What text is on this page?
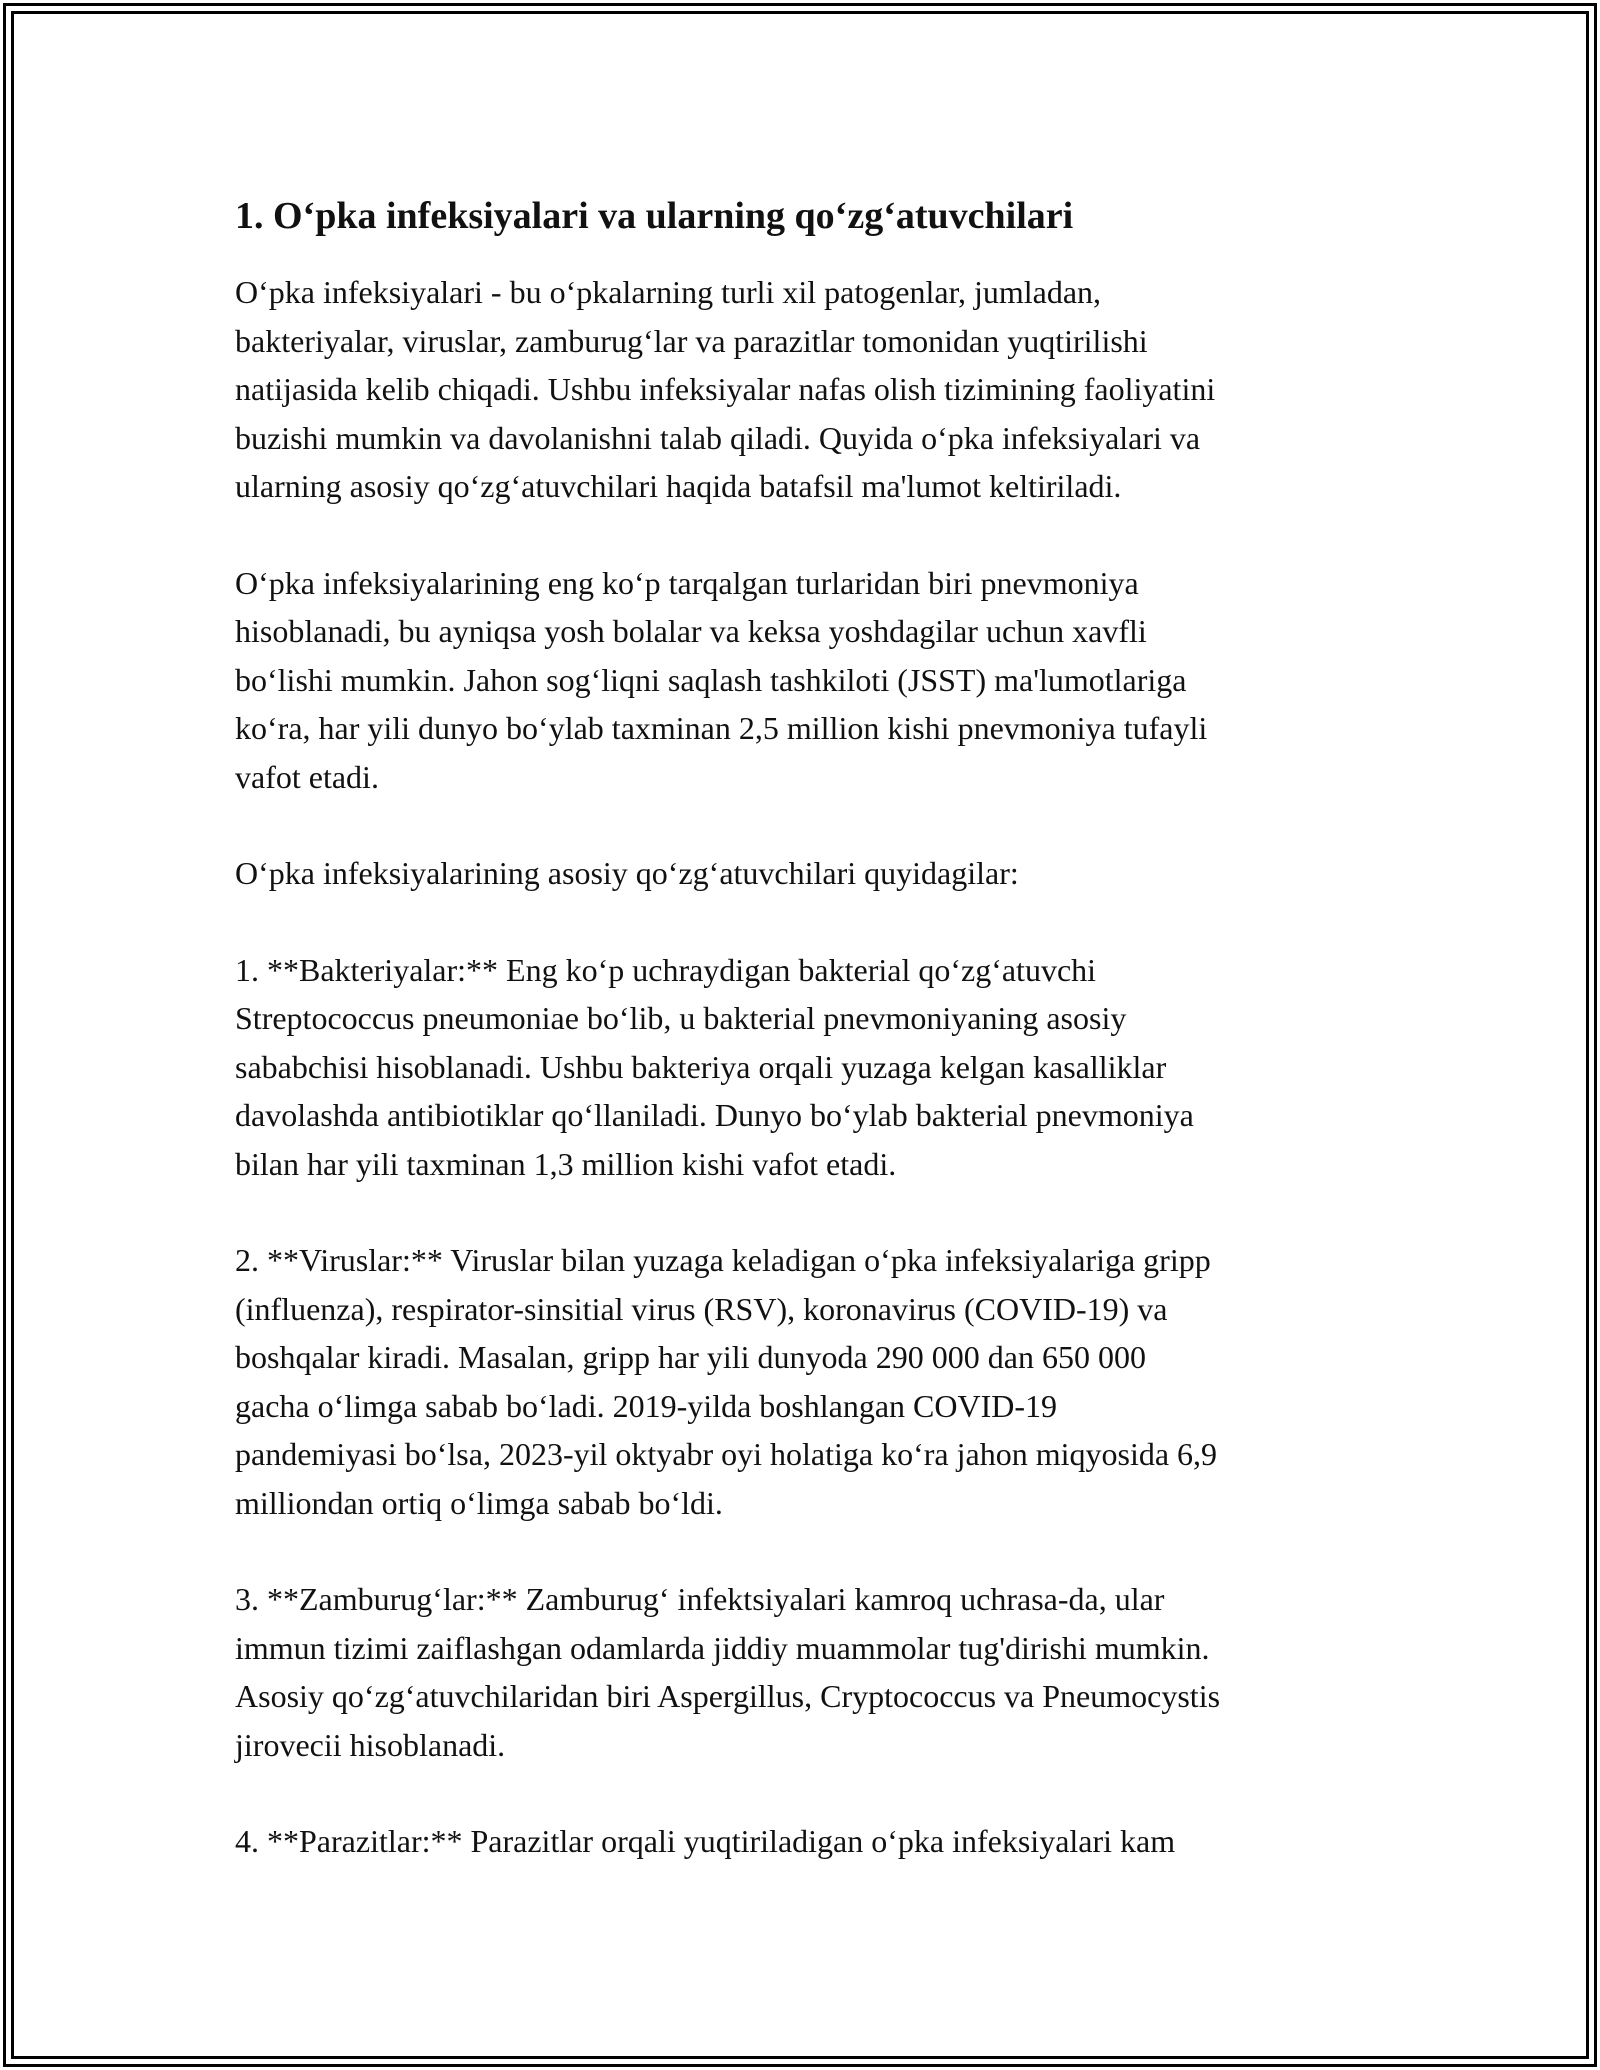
1. O‘pka infeksiyalari va ularning qo‘zg‘atuvchilari

O‘pka infeksiyalari - bu o‘pkalarning turli xil patogenlar, jumladan,
bakteriyalar, viruslar, zamburug‘lar va parazitlar tomonidan yuqtirilishi
natijasida kelib chiqadi. Ushbu infeksiyalar nafas olish tizimining faoliyatini
buzishi mumkin va davolanishni talab qiladi. Quyida o‘pka infeksiyalari va
ularning asosiy qo‘zg‘atuvchilari haqida batafsil ma'lumot keltiriladi.

O‘pka infeksiyalarining eng ko‘p tarqalgan turlaridan biri pnevmoniya
hisoblanadi, bu ayniqsa yosh bolalar va keksa yoshdagilar uchun xavfli
bo‘lishi mumkin. Jahon sog‘liqni saqlash tashkiloti (JSST) ma'lumotlariga
ko‘ra, har yili dunyo bo‘ylab taxminan 2,5 million kishi pnevmoniya tufayli
vafot etadi.

O‘pka infeksiyalarining asosiy qo‘zg‘atuvchilari quyidagilar:

1. **Bakteriyalar:** Eng ko‘p uchraydigan bakterial qo‘zg‘atuvchi
Streptococcus pneumoniae bo‘lib, u bakterial pnevmoniyaning asosiy
sababchisi hisoblanadi. Ushbu bakteriya orqali yuzaga kelgan kasalliklar
davolashda antibiotiklar qo‘llaniladi. Dunyo bo‘ylab bakterial pnevmoniya
bilan har yili taxminan 1,3 million kishi vafot etadi.

2. **Viruslar:** Viruslar bilan yuzaga keladigan o‘pka infeksiyalariga gripp
(influenza), respirator-sinsitial virus (RSV), koronavirus (COVID-19) va
boshqalar kiradi. Masalan, gripp har yili dunyoda 290 000 dan 650 000
gacha o‘limga sabab bo‘ladi. 2019-yilda boshlangan COVID-19
pandemiyasi bo‘lsa, 2023-yil oktyabr oyi holatiga ko‘ra jahon miqyosida 6,9
milliondan ortiq o‘limga sabab bo‘ldi.

3. **Zamburug‘lar:** Zamburug‘ infektsiyalari kamroq uchrasa-da, ular
immun tizimi zaiflashgan odamlarda jiddiy muammolar tug'dirishi mumkin.
Asosiy qo‘zg‘atuvchilaridan biri Aspergillus, Cryptococcus va Pneumocystis
jirovecii hisoblanadi.

4. **Parazitlar:** Parazitlar orqali yuqtiriladigan o‘pka infeksiyalari kam
